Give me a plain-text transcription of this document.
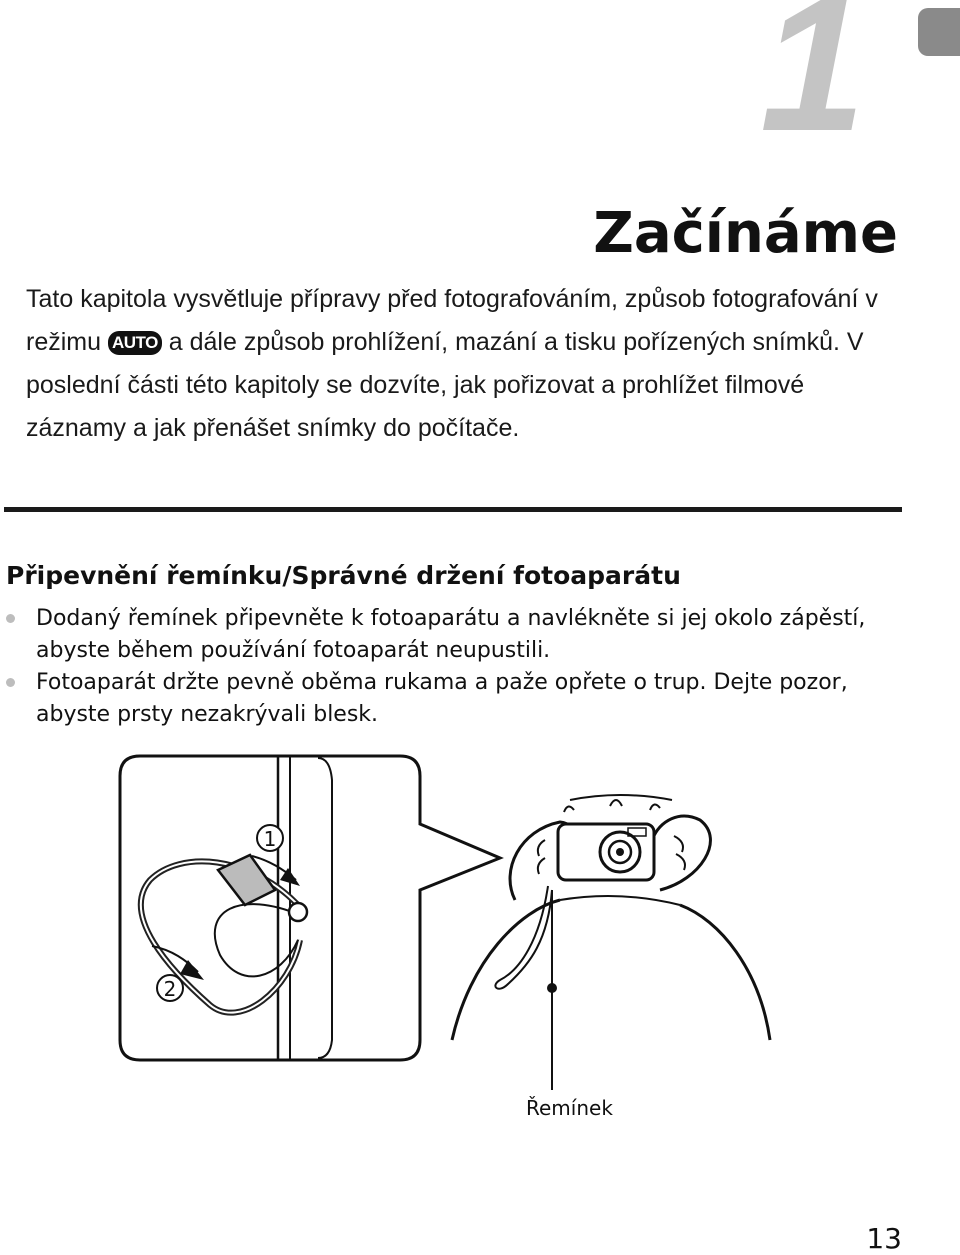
1
Začínáme

Tato kapitola vysvětluje přípravy před fotografováním, způsob fotografování v režimu AUTO a dále způsob prohlížení, mazání a tisku pořízených snímků. V poslední části této kapitoly se dozvíte, jak pořizovat a prohlížet filmové záznamy a jak přenášet snímky do počítače.

Připevnění řemínku/Správné držení fotoaparátu
Dodaný řemínek připevněte k fotoaparátu a navlékněte si jej okolo zápěstí, abyste během používání fotoaparát neupustili.
Fotoaparát držte pevně oběma rukama a paže opřete o trup. Dejte pozor, abyste prsty nezakrývali blesk.
1
2
Řemínek
13
